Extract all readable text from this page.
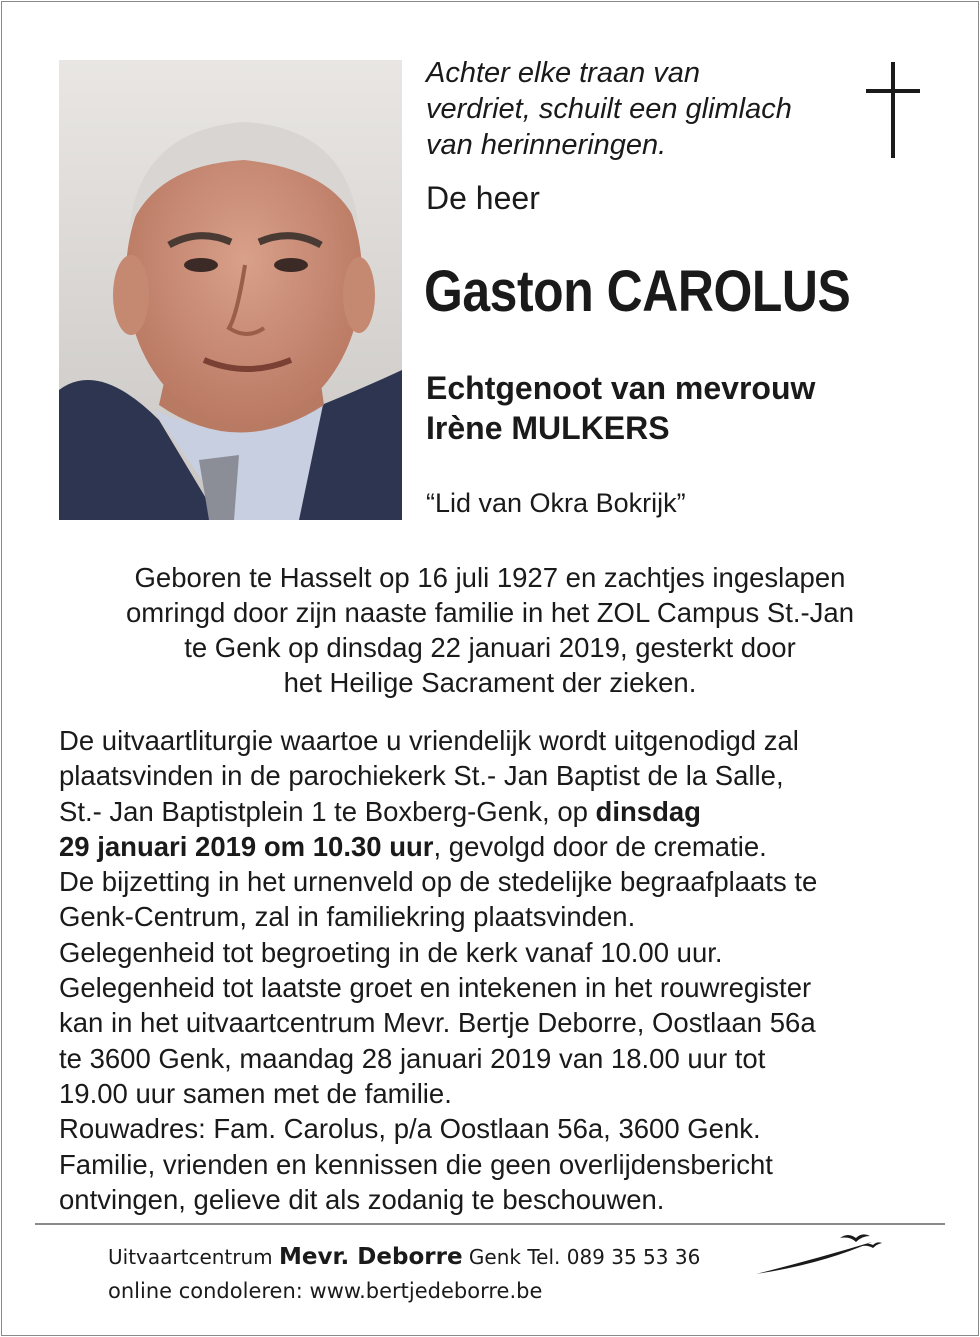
Achter elke traan van
verdriet, schuilt een glimlach
van herinneringen.
De heer
Gaston CAROLUS
Echtgenoot van mevrouw
Irène MULKERS
“Lid van Okra Bokrijk”
Geboren te Hasselt op 16 juli 1927 en zachtjes ingeslapen
omringd door zijn naaste familie in het ZOL Campus St.-Jan
te Genk op dinsdag 22 januari 2019, gesterkt door
het Heilige Sacrament der zieken.
De uitvaartliturgie waartoe u vriendelijk wordt uitgenodigd zal
plaatsvinden in de parochiekerk St.- Jan Baptist de la Salle,
St.- Jan Baptistplein 1 te Boxberg-Genk, op dinsdag
29 januari 2019 om 10.30 uur, gevolgd door de crematie.
De bijzetting in het urnenveld op de stedelijke begraafplaats te
Genk-Centrum, zal in familiekring plaatsvinden.
Gelegenheid tot begroeting in de kerk vanaf 10.00 uur.
Gelegenheid tot laatste groet en intekenen in het rouwregister
kan in het uitvaartcentrum Mevr. Bertje Deborre, Oostlaan 56a
te 3600 Genk, maandag 28 januari 2019 van 18.00 uur tot
19.00 uur samen met de familie.
Rouwadres: Fam. Carolus, p/a Oostlaan 56a, 3600 Genk.
Familie, vrienden en kennissen die geen overlijdensbericht
ontvingen, gelieve dit als zodanig te beschouwen.
Uitvaartcentrum Mevr. Deborre Genk Tel. 089 35 53 36
online condoleren: www.bertjedeborre.be
